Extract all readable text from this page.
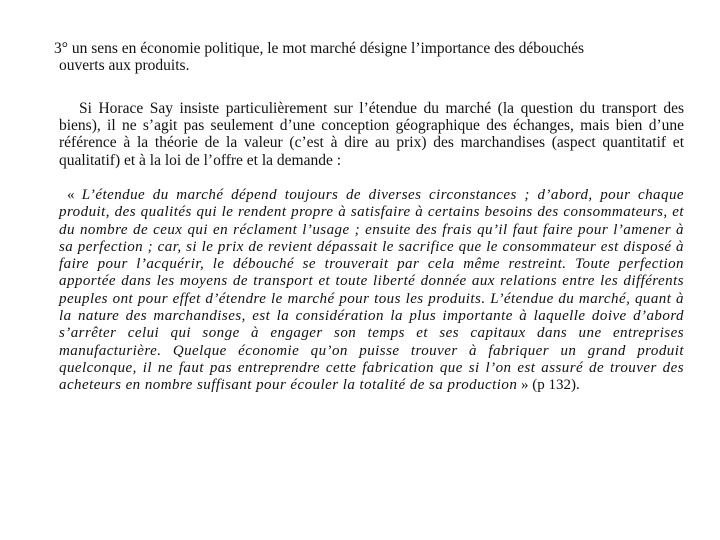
3° un sens en économie politique, le mot marché désigne l’importance des débouchés
ouverts aux produits.

Si Horace Say insiste particulièrement sur l’étendue du marché (la question du transport des biens), il ne s’agit pas seulement d’une conception géographique des échanges, mais bien d’une référence à la théorie de la valeur (c’est à dire au prix) des marchandises (aspect quantitatif et qualitatif) et à la loi de l’offre et la demande :

« L’étendue du marché dépend toujours de diverses circonstances ; d’abord, pour chaque produit, des qualités qui le rendent propre à satisfaire à certains besoins des consommateurs, et du nombre de ceux qui en réclament l’usage ; ensuite des frais qu’il faut faire pour l’amener à sa perfection ; car, si le prix de revient dépassait le sacrifice que le consommateur est disposé à faire pour l’acquérir, le débouché se trouverait par cela même restreint. Toute perfection apportée dans les moyens de transport et toute liberté donnée aux relations entre les différents peuples ont pour effet d’étendre le marché pour tous les produits. L’étendue du marché, quant à la nature des marchandises, est la considération la plus importante à laquelle doive d’abord s’arrêter celui qui songe à engager son temps et ses capitaux dans une entreprises manufacturière. Quelque économie qu’on puisse trouver à fabriquer un grand produit quelconque, il ne faut pas entreprendre cette fabrication que si l’on est assuré de trouver des acheteurs en nombre suffisant pour écouler la totalité de sa production » (p 132).
